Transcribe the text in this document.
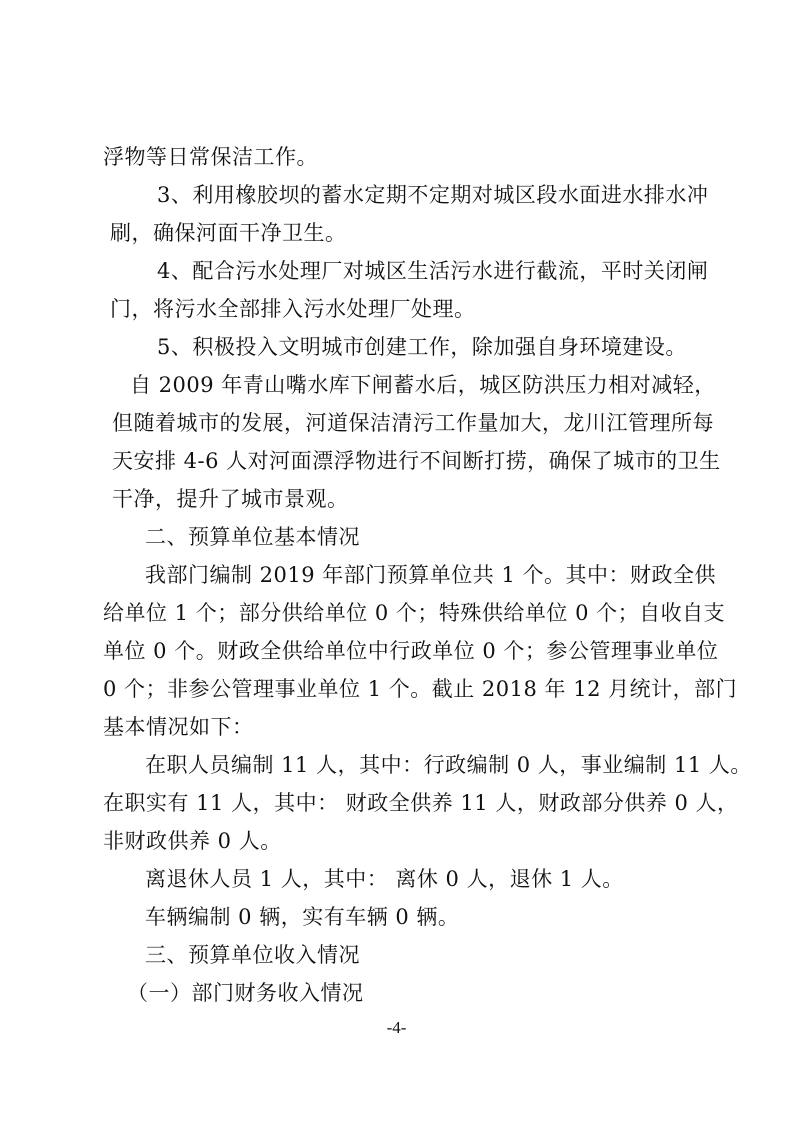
浮物等日常保洁工作。
3、利用橡胶坝的蓄水定期不定期对城区段水面进水排水冲
刷，确保河面干净卫生。
4、配合污水处理厂对城区生活污水进行截流，平时关闭闸
门，将污水全部排入污水处理厂处理。
5、积极投入文明城市创建工作，除加强自身环境建设。
自 2009 年青山嘴水库下闸蓄水后，城区防洪压力相对减轻，
但随着城市的发展，河道保洁清污工作量加大，龙川江管理所每
天安排 4-6 人对河面漂浮物进行不间断打捞，确保了城市的卫生
干净，提升了城市景观。
二、预算单位基本情况
我部门编制 2019 年部门预算单位共 1 个。其中：财政全供
给单位 1 个；部分供给单位 0 个；特殊供给单位 0 个；自收自支
单位 0 个。财政全供给单位中行政单位 0 个；参公管理事业单位
0 个；非参公管理事业单位 1 个。截止 2018 年 12 月统计，部门
基本情况如下：
在职人员编制 11 人，其中：行政编制 0 人，事业编制 11 人。
在职实有 11 人，其中： 财政全供养 11 人，财政部分供养 0 人，
非财政供养 0 人。
离退休人员 1 人，其中： 离休 0 人，退休 1 人。
车辆编制 0 辆，实有车辆 0 辆。
三、预算单位收入情况
（一）部门财务收入情况
-4-
